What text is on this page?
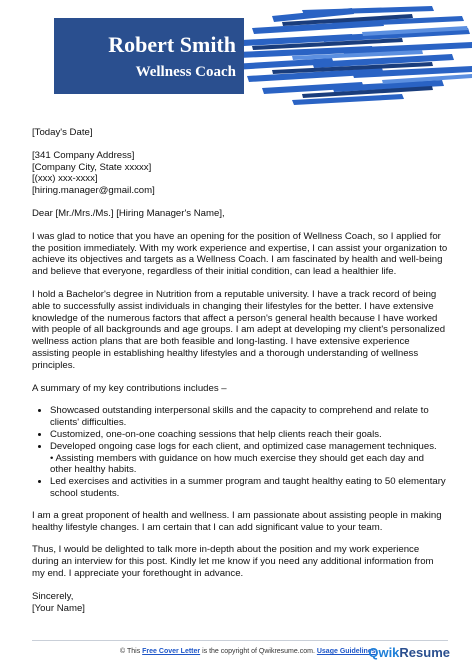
Robert Smith
Wellness Coach

[Today's Date]

[341 Company Address]
[Company City, State xxxxx]
[(xxx) xxx-xxxx]
[hiring.manager@gmail.com]

Dear [Mr./Mrs./Ms.] [Hiring Manager's Name],

I was glad to notice that you have an opening for the position of Wellness Coach, so I applied for the position immediately. With my work experience and expertise, I can assist your organization to achieve its objectives and targets as a Wellness Coach. I am fascinated by health and well-being and believe that everyone, regardless of their initial condition, can lead a healthier life.

I hold a Bachelor's degree in Nutrition from a reputable university. I have a track record of being able to successfully assist individuals in changing their lifestyles for the better. I have extensive knowledge of the numerous factors that affect a person's general health because I have worked with people of all backgrounds and age groups. I am adept at developing my client's personalized wellness action plans that are both feasible and long-lasting. I have extensive experience assisting people in establishing healthy lifestyles and a thorough understanding of wellness principles.

A summary of my key contributions includes –

• Showcased outstanding interpersonal skills and the capacity to comprehend and relate to clients' difficulties.
• Customized, one-on-one coaching sessions that help clients reach their goals.
• Developed ongoing case logs for each client, and optimized case management techniques.
• Assisting members with guidance on how much exercise they should get each day and other healthy habits.
• Led exercises and activities in a summer program and taught healthy eating to 50 elementary school students.

I am a great proponent of health and wellness. I am passionate about assisting people in making healthy lifestyle changes. I am certain that I can add significant value to your team.

Thus, I would be delighted to talk more in-depth about the position and my work experience during an interview for this post. Kindly let me know if you need any additional information from my end. I appreciate your forethought in advance.

Sincerely,

[Your Name]

© This Free Cover Letter is the copyright of Qwikresume.com. Usage Guidelines
QwikResume
